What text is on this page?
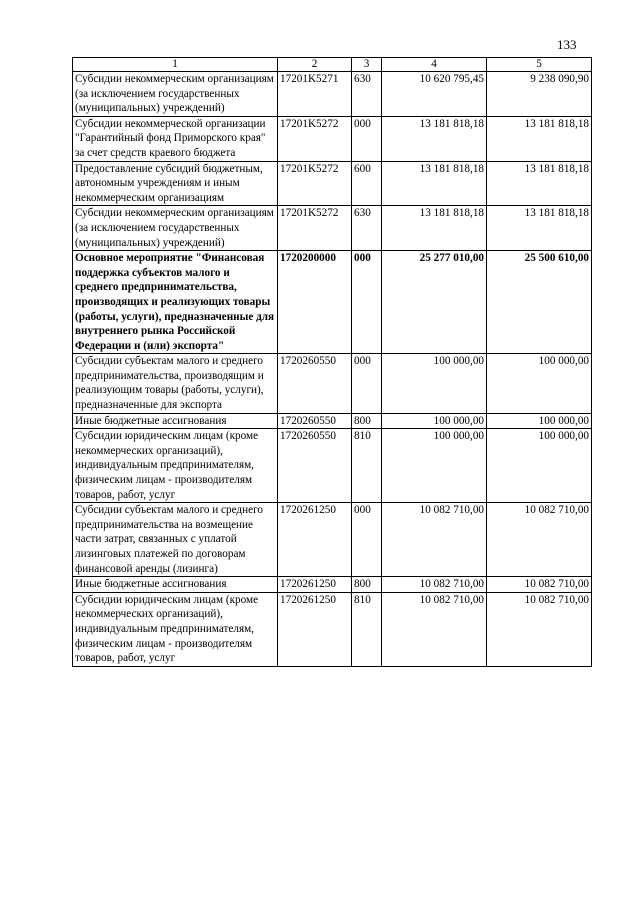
133
1	2	3	4	5
Субсидии некоммерческим организациям (за исключением государственных (муниципальных) учреждений)	17201K5271	630	10 620 795,45	9 238 090,90
Субсидии некоммерческой организации "Гарантийный фонд Приморского края" за счет средств краевого бюджета	17201K5272	000	13 181 818,18	13 181 818,18
Предоставление субсидий бюджетным, автономным учреждениям и иным некоммерческим организациям	17201K5272	600	13 181 818,18	13 181 818,18
Субсидии некоммерческим организациям (за исключением государственных (муниципальных) учреждений)	17201K5272	630	13 181 818,18	13 181 818,18
Основное мероприятие "Финансовая поддержка субъектов малого и среднего предпринимательства, производящих и реализующих товары (работы, услуги), предназначенные для внутреннего рынка Российской Федерации и (или) экспорта"	1720200000	000	25 277 010,00	25 500 610,00
Субсидии субъектам малого и среднего предпринимательства, производящим и реализующим товары (работы, услуги), предназначенные для экспорта	1720260550	000	100 000,00	100 000,00
Иные бюджетные ассигнования	1720260550	800	100 000,00	100 000,00
Субсидии юридическим лицам (кроме некоммерческих организаций), индивидуальным предпринимателям, физическим лицам - производителям товаров, работ, услуг	1720260550	810	100 000,00	100 000,00
Субсидии субъектам малого и среднего предпринимательства на возмещение части затрат, связанных с уплатой лизинговых платежей по договорам финансовой аренды (лизинга)	1720261250	000	10 082 710,00	10 082 710,00
Иные бюджетные ассигнования	1720261250	800	10 082 710,00	10 082 710,00
Субсидии юридическим лицам (кроме некоммерческих организаций), индивидуальным предпринимателям, физическим лицам - производителям товаров, работ, услуг	1720261250	810	10 082 710,00	10 082 710,00
